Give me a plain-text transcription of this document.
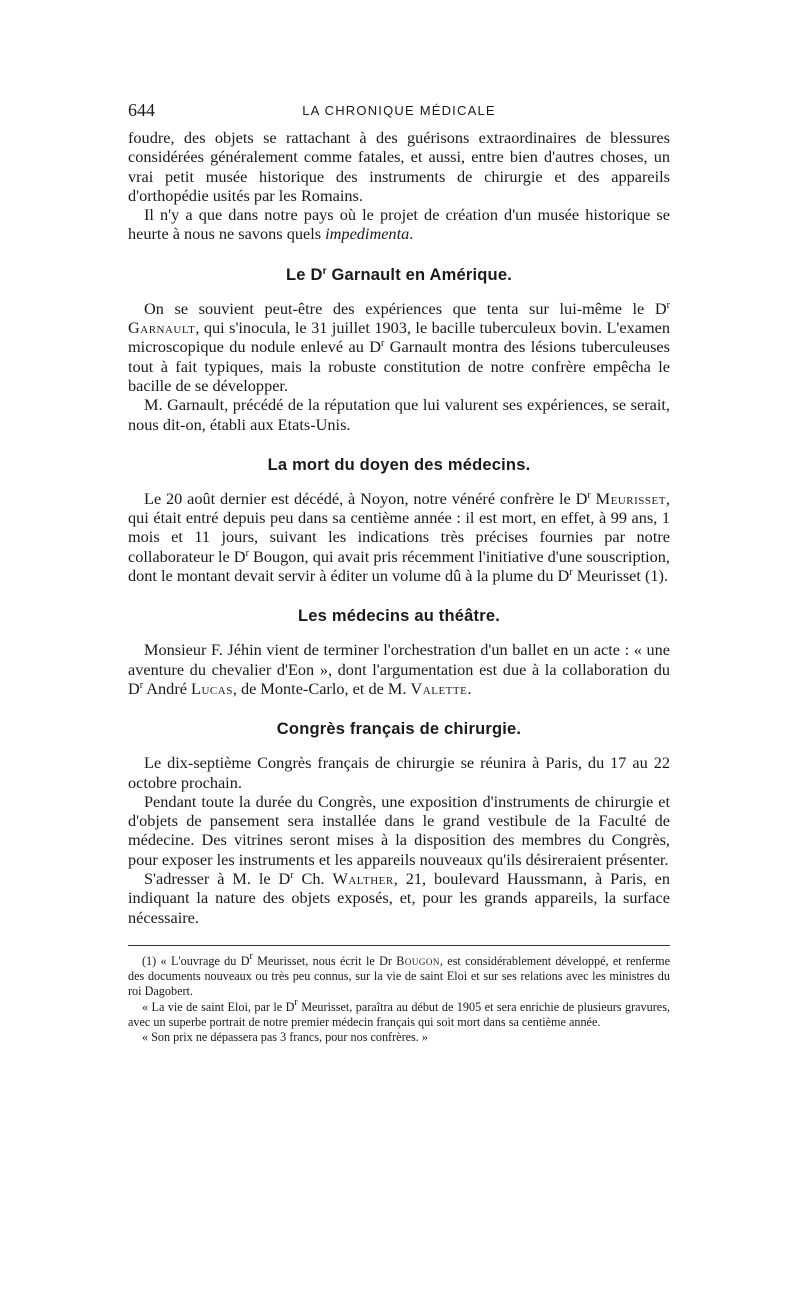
644	LA CHRONIQUE MÉDICALE

foudre, des objets se rattachant à des guérisons extraordinaires de blessures considérées généralement comme fatales, et aussi, entre bien d'autres choses, un vrai petit musée historique des instruments de chirurgie et des appareils d'orthopédie usités par les Romains.

Il n'y a que dans notre pays où le projet de création d'un musée historique se heurte à nous ne savons quels impedimenta.

Le $D^r$ Garnault en Amérique.

On se souvient peut-être des expériences que tenta sur lui-même le $D^r$ Garnault, qui s'inocula, le 31 juillet 1903, le bacille tuberculeux bovin. L'examen microscopique du nodule enlevé au $D^r$ Garnault montra des lésions tuberculeuses tout à fait typiques, mais la robuste constitution de notre confrère empêcha le bacille de se développer.

M. Garnault, précédé de la réputation que lui valurent ses expériences, se serait, nous dit-on, établi aux Etats-Unis.

La mort du doyen des médecins.

Le 20 août dernier est décédé, à Noyon, notre vénéré confrère le $D^r$ Meurisset, qui était entré depuis peu dans sa centième année : il est mort, en effet, à 99 ans, 1 mois et 11 jours, suivant les indications très précises fournies par notre collaborateur le $D^r$ Bougon, qui avait pris récemment l'initiative d'une souscription, dont le montant devait servir à éditer un volume dû à la plume du $D^r$ Meurisset (1).

Les médecins au théâtre.

Monsieur F. Jéhin vient de terminer l'orchestration d'un ballet en un acte : « une aventure du chevalier d'Eon », dont l'argumentation est due à la collaboration du $D^r$ André Lucas, de Monte-Carlo, et de M. Valette.

Congrès français de chirurgie.

Le dix-septième Congrès français de chirurgie se réunira à Paris, du 17 au 22 octobre prochain.

Pendant toute la durée du Congrès, une exposition d'instruments de chirurgie et d'objets de pansement sera installée dans le grand vestibule de la Faculté de médecine. Des vitrines seront mises à la disposition des membres du Congrès, pour exposer les instruments et les appareils nouveaux qu'ils désireraient présenter.

S'adresser à M. le $D^r$ Ch. Walther, 21, boulevard Haussmann, à Paris, en indiquant la nature des objets exposés, et, pour les grands appareils, la surface nécessaire.

(1) « L'ouvrage du $D^r$ Meurisset, nous écrit le Dr Bougon, est considérablement développé, et renferme des documents nouveaux ou très peu connus, sur la vie de saint Eloi et sur ses relations avec les ministres du roi Dagobert.

« La vie de saint Eloi, par le $D^r$ Meurisset, paraîtra au début de 1905 et sera enrichie de plusieurs gravures, avec un superbe portrait de notre premier médecin français qui soit mort dans sa centième année.

« Son prix ne dépassera pas 3 francs, pour nos confrères. »
